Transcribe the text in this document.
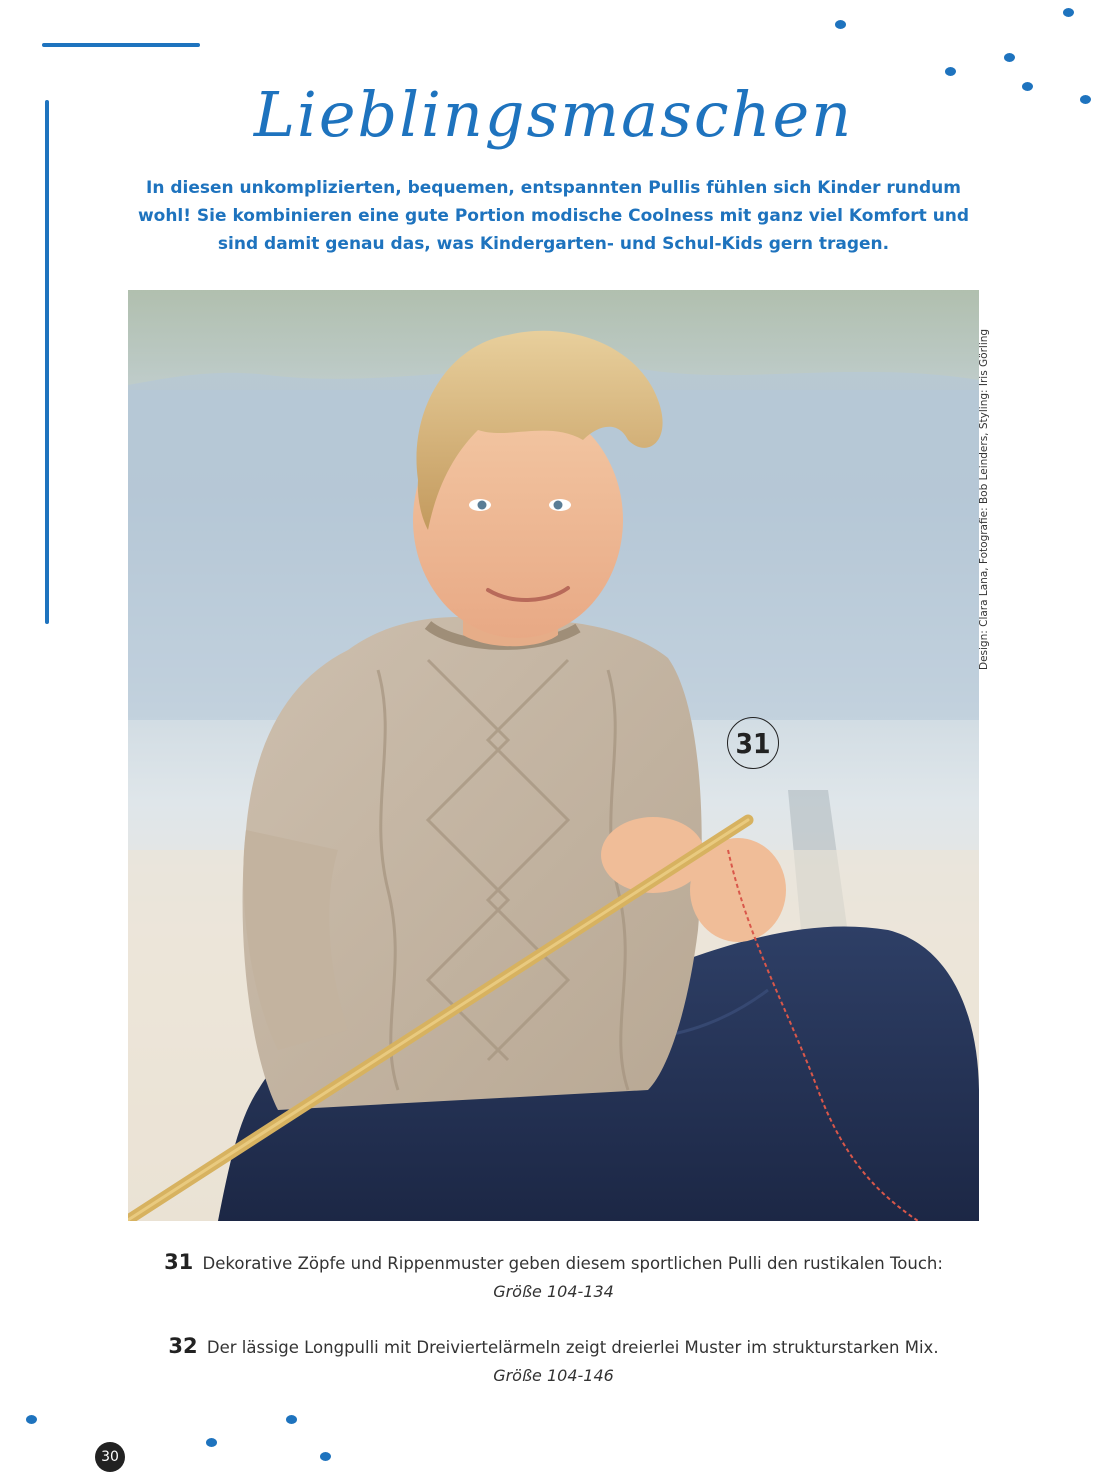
Lieblingsmaschen
In diesen unkomplizierten, bequemen, entspannten Pullis fühlen sich Kinder rundum
wohl! Sie kombinieren eine gute Portion modische Coolness mit ganz viel Komfort und
sind damit genau das, was Kindergarten- und Schul-Kids gern tragen.
Design: Clara Lana, Fotografie: Bob Leinders, Styling: Iris Görling
31
31 Dekorative Zöpfe und Rippenmuster geben diesem sportlichen Pulli den rustikalen Touch:
Größe 104-134
32 Der lässige Longpulli mit Dreiviertelärmeln zeigt dreierlei Muster im strukturstarken Mix.
Größe 104-146
30
